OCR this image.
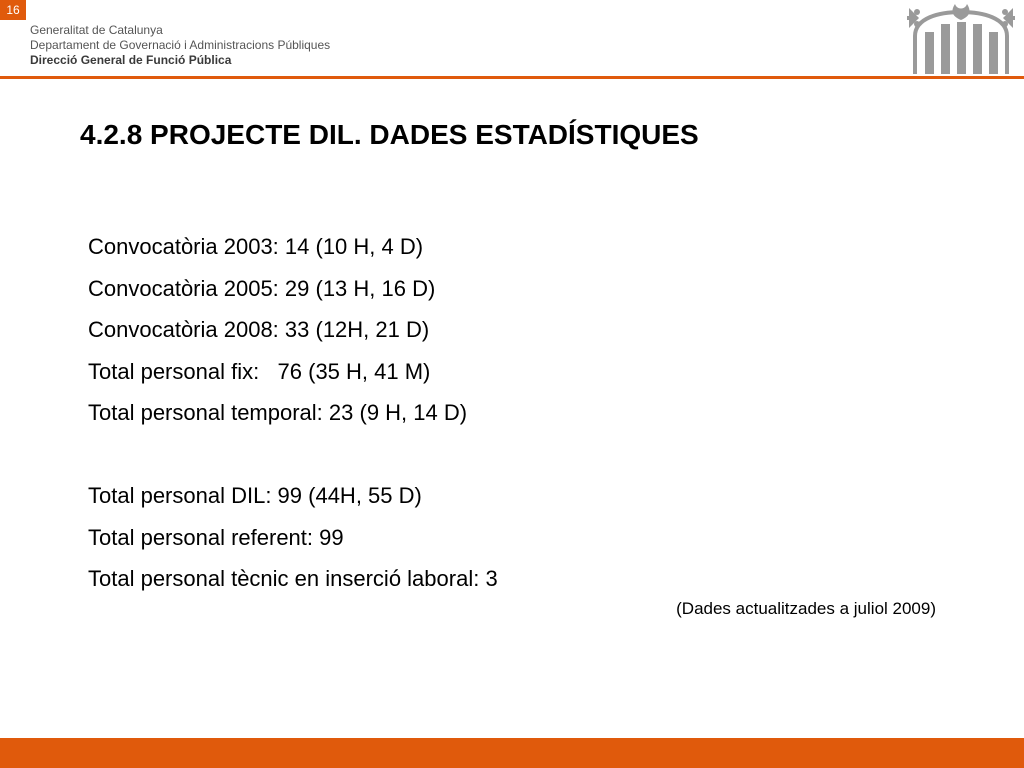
16
Generalitat de Catalunya
Departament de Governació i Administracions Públiques
Direcció General de Funció Pública
4.2.8 PROJECTE DIL. DADES ESTADÍSTIQUES
Convocatòria 2003: 14 (10 H, 4 D)
Convocatòria 2005: 29 (13 H, 16 D)
Convocatòria 2008: 33 (12H, 21 D)
Total personal fix:   76 (35 H, 41 M)
Total personal temporal: 23 (9 H, 14 D)
Total personal DIL: 99 (44H, 55 D)
Total personal referent: 99
Total personal tècnic en inserció laboral: 3
(Dades actualitzades a juliol 2009)
